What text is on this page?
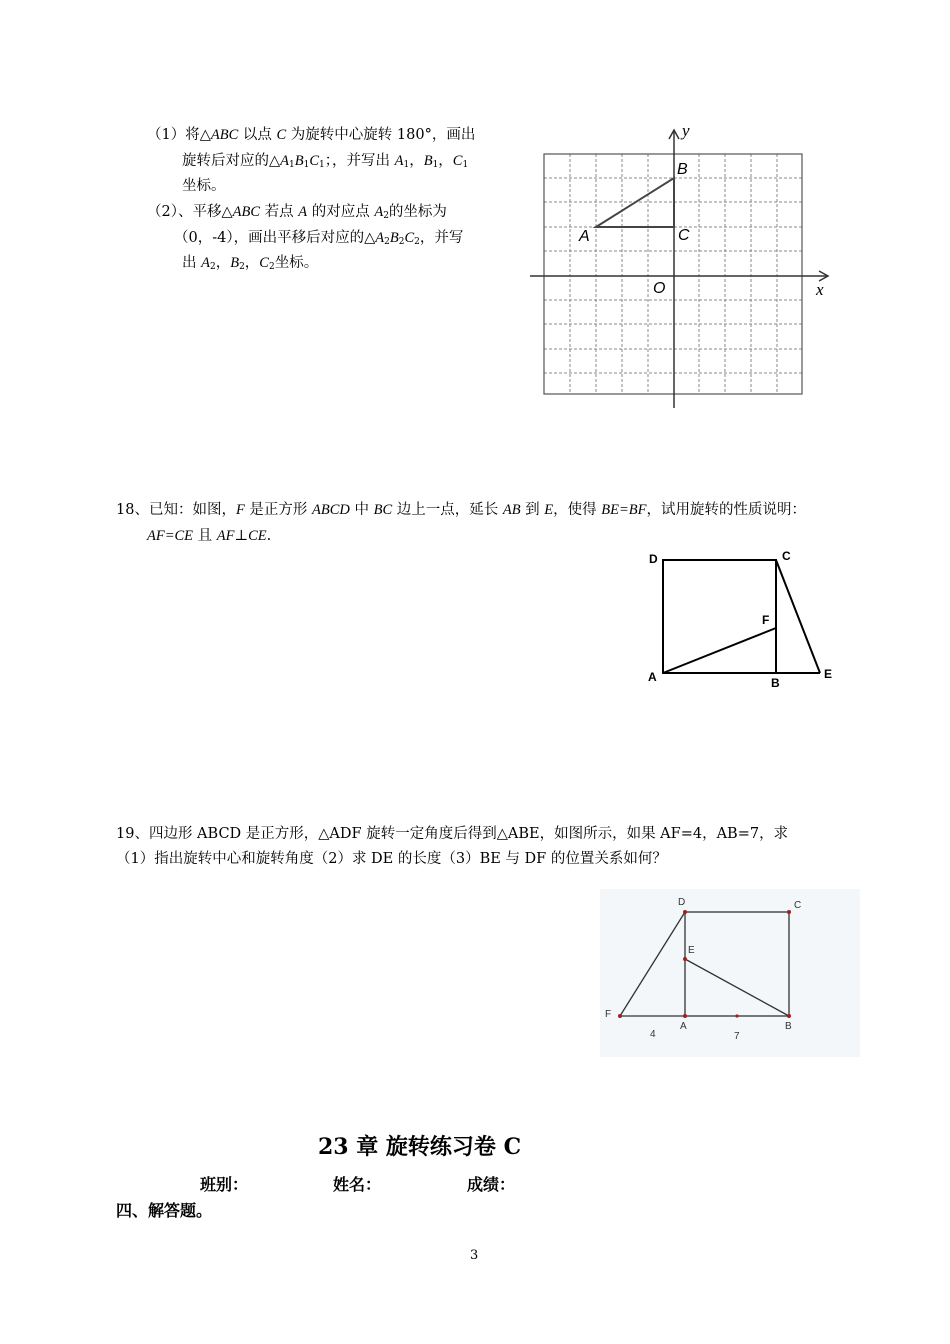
（1）将△ABC 以点 C 为旋转中心旋转 180°，画出
旋转后对应的$\triangle A_1B_1C_1$；，并写出 $A_1$，$B_1$，$C_1$
坐标。
（2）、平移△ABC 若点 A 的对应点 $A_2$的坐标为
（0，-4），画出平移后对应的$\triangle A_2B_2C_2$，并写
出 $A_2$，$B_2$，$C_2$坐标。
y
x
B
A	C
O
18、已知：如图，F 是正方形 ABCD 中 BC 边上一点，延长 AB 到 E，使得 BE=BF，试用旋转的性质说明：
AF=CE 且 AF⊥CE.
D	C
F
A	B
E
19、四边形 ABCD 是正方形，△ADF 旋转一定角度后得到△ABE，如图所示，如果 AF=4，AB=7，求
（1）指出旋转中心和旋转角度（2）求 DE 的长度（3）BE 与 DF 的位置关系如何？
D	C
E
F
A	B
4	7
23 章 旋转练习卷 C
班别：	姓名：	成绩：
四、解答题。
3
